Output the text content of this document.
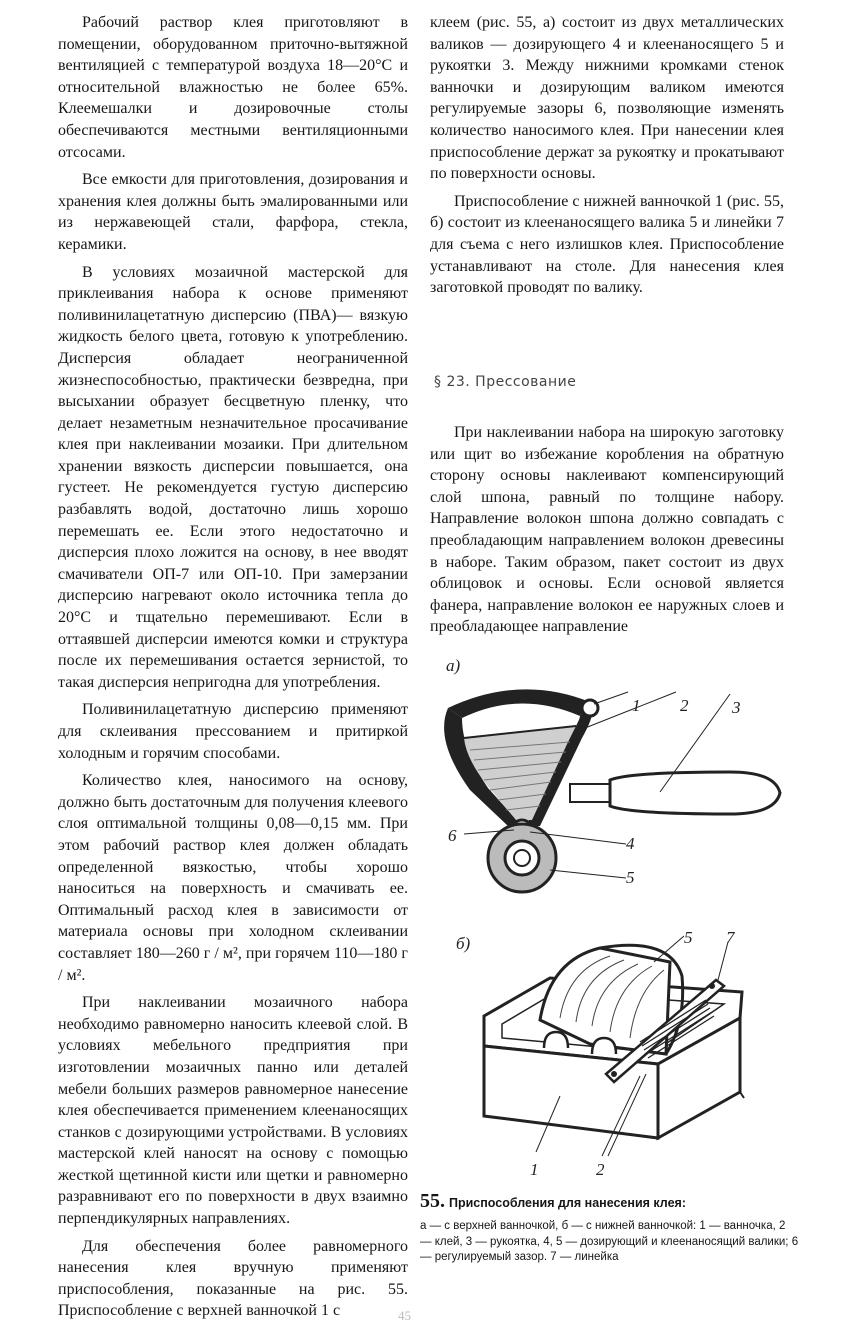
Рабочий раствор клея приготовляют в помещении, оборудованном приточно-вытяжной вентиляцией с температурой воздуха 18—20°С и относительной влажностью не более 65%. Клеемешалки и дозировочные столы обеспечиваются местными вентиляционными отсосами.

Все емкости для приготовления, дозирования и хранения клея должны быть эмалированными или из нержавеющей стали, фарфора, стекла, керамики.

В условиях мозаичной мастерской для приклеивания набора к основе применяют поливинилацетатную дисперсию (ПВА)— вязкую жидкость белого цвета, готовую к употреблению. Дисперсия обладает неограниченной жизнеспособностью, практически безвредна, при высыхании образует бесцветную пленку, что делает незаметным незначительное просачивание клея при наклеивании мозаики. При длительном хранении вязкость дисперсии повышается, она густеет. Не рекомендуется густую дисперсию разбавлять водой, достаточно лишь хорошо перемешать ее. Если этого недостаточно и дисперсия плохо ложится на основу, в нее вводят смачиватели ОП-7 или ОП-10. При замерзании дисперсию нагревают около источника тепла до 20°С и тщательно перемешивают. Если в оттаявшей дисперсии имеются комки и структура после их перемешивания остается зернистой, то такая дисперсия непригодна для употребления.

Поливинилацетатную дисперсию применяют для склеивания прессованием и притиркой холодным и горячим способами.

Количество клея, наносимого на основу, должно быть достаточным для получения клеевого слоя оптимальной толщины 0,08—0,15 мм. При этом рабочий раствор клея должен обладать определенной вязкостью, чтобы хорошо наноситься на поверхность и смачивать ее. Оптимальный расход клея в зависимости от материала основы при холодном склеивании составляет 180—260 г / м², при горячем 110—180 г / м².

При наклеивании мозаичного набора необходимо равномерно наносить клеевой слой. В условиях мебельного предприятия при изготовлении мозаичных панно или деталей мебели больших размеров равномерное нанесение клея обеспечивается применением клеенаносящих станков с дозирующими устройствами. В условиях мастерской клей наносят на основу с помощью жесткой щетинной кисти или щетки и равномерно разравнивают его по поверхности в двух взаимно перпендикулярных направлениях.

Для обеспечения более равномерного нанесения клея вручную применяют приспособления, показанные на рис. 55. Приспособление с верхней ванночкой 1 с

клеем (рис. 55, а) состоит из двух металлических валиков — дозирующего 4 и клеенаносящего 5 и рукоятки 3. Между нижними кромками стенок ванночки и дозирующим валиком имеются регулируемые зазоры 6, позволяющие изменять количество наносимого клея. При нанесении клея приспособление держат за рукоятку и прокатывают по поверхности основы.

Приспособление с нижней ванночкой 1 (рис. 55, б) состоит из клеенаносящего валика 5 и линейки 7 для съема с него излишков клея. Приспособление устанавливают на столе. Для нанесения клея заготовкой проводят по валику.

§ 23. Прессование

При наклеивании набора на широкую заготовку или щит во избежание коробления на обратную сторону основы наклеивают компенсирующий слой шпона, равный по толщине набору. Направление волокон шпона должно совпадать с преобладающим направлением волокон древесины в наборе. Таким образом, пакет состоит из двух облицовок и основы. Если основой является фанера, направление волокон ее наружных слоев и преобладающее направление

а)
1 2	3
6	4
5
б)	5 7
1	2
55. Приспособления для нанесения клея:
а — с верхней ванночкой, б — с нижней ванночкой: 1 — ванночка, 2 — клей, 3 — рукоятка, 4, 5 — дозирующий и клеенаносящий валики; 6 — регулируемый зазор. 7 — линейка
45
